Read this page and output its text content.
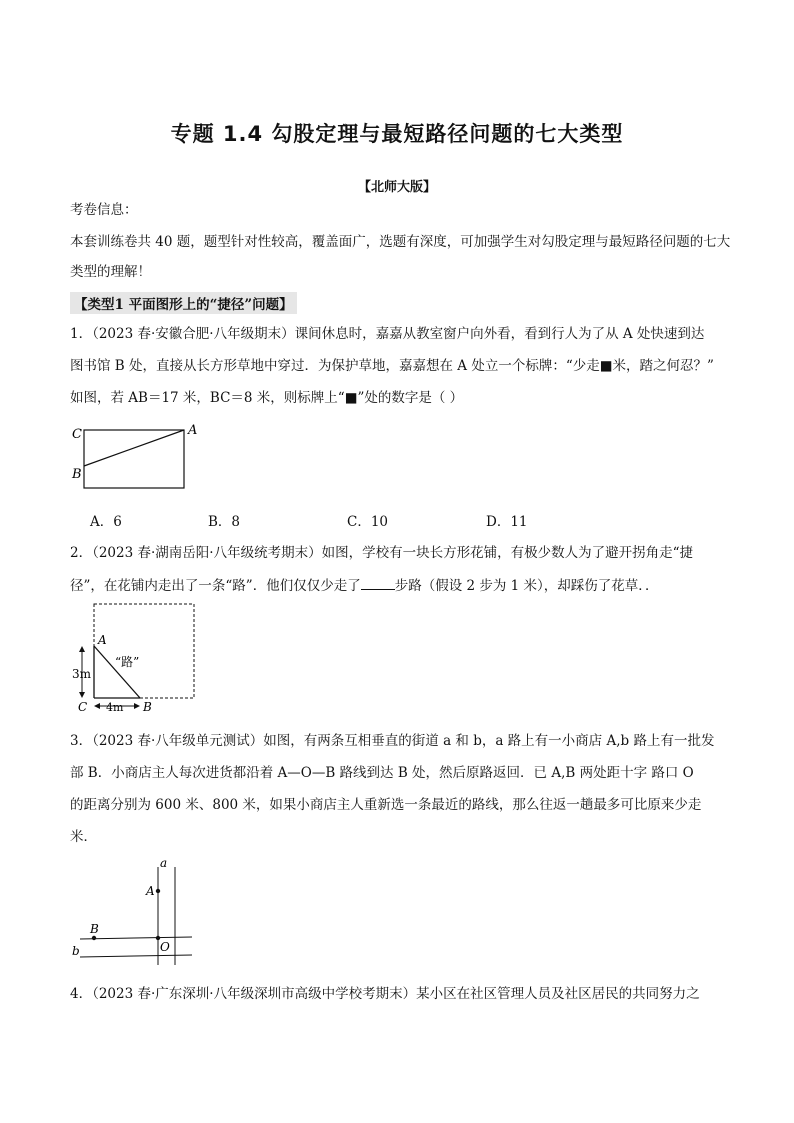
专题 1.4 勾股定理与最短路径问题的七大类型
【北师大版】
考卷信息：
本套训练卷共 40 题，题型针对性较高，覆盖面广，选题有深度，可加强学生对勾股定理与最短路径问题的七大
类型的理解！
【类型1 平面图形上的“捷径”问题】
1．（2023 春·安徽合肥·八年级期末）课间休息时，嘉嘉从教室窗户向外看，看到行人为了从 A 处快速到达
图书馆 B 处，直接从长方形草地中穿过．为保护草地，嘉嘉想在 A 处立一个标牌：“少走■米，踏之何忍？”
如图，若 AB＝17 米，BC＝8 米，则标牌上“■”处的数字是（ ）
C	A
B
A．6	B．8	C．10	D．11
2．（2023 春·湖南岳阳·八年级统考期末）如图，学校有一块长方形花铺，有极少数人为了避开拐角走“捷
径”，在花铺内走出了一条“路”．他们仅仅少走了	步路（假设 2 步为 1 米），却踩伤了花草．．
A
“路”
3m
C 4m B
3．（2023 春·八年级单元测试）如图，有两条互相垂直的街道 a 和 b，a 路上有一小商店 A,b 路上有一批发
部 B．小商店主人每次进货都沿着 A—O—B 路线到达 B 处，然后原路返回．已 A,B 两处距十字 路口 O
的距离分别为 600 米、800 米，如果小商店主人重新选一条最近的路线，那么往返一趟最多可比原来少走
米．
a
A
B
O
b
4．（2023 春·广东深圳·八年级深圳市高级中学校考期末）某小区在社区管理人员及社区居民的共同努力之
